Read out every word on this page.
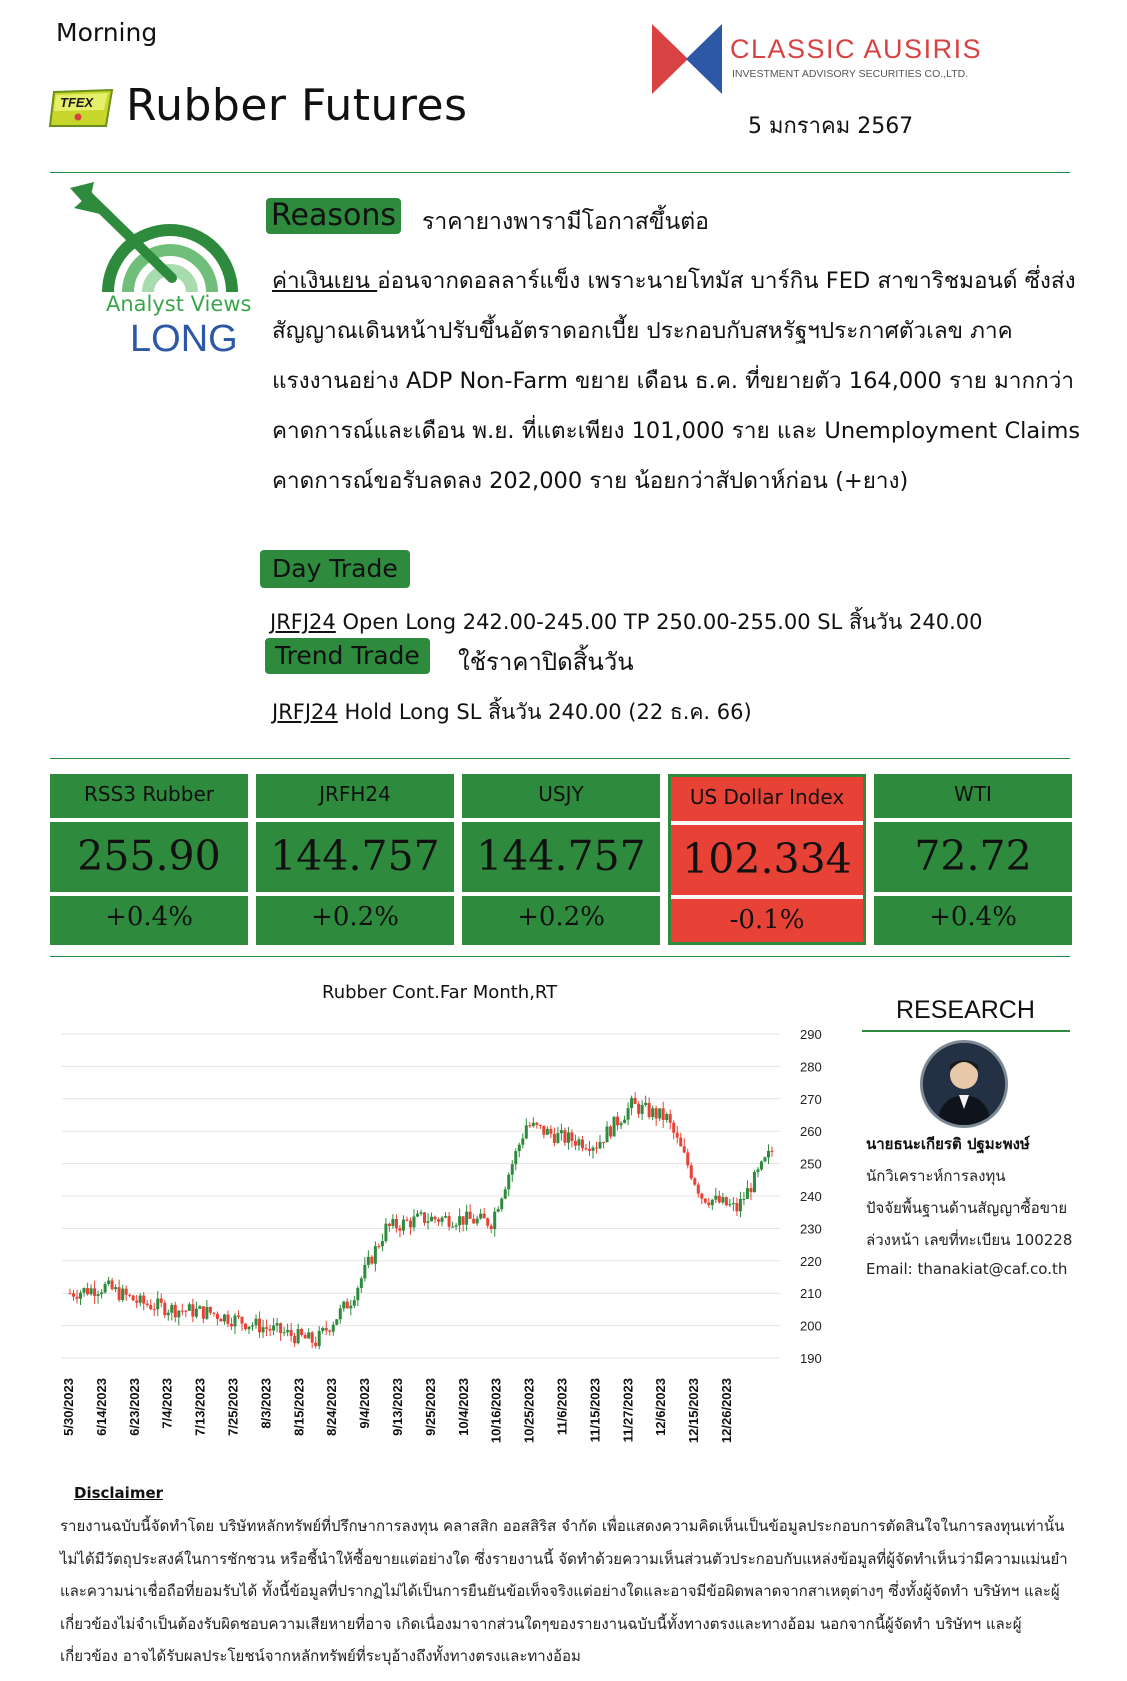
Morning
TFEX Rubber Futures
CLASSIC AUSIRIS
INVESTMENT ADVISORY SECURITIES CO.,LTD.
5 มกราคม 2567
Analyst Views
LONG
Reasons ราคายางพารามีโอกาสขึ้นต่อ
ค่าเงินเยน อ่อนจากดอลลาร์แข็ง เพราะนายโทมัส บาร์กิน FED สาขาริชมอนด์ ซึ่งส่งสัญญาณเดินหน้าปรับขึ้นอัตราดอกเบี้ย ประกอบกับสหรัฐฯประกาศตัวเลข ภาคแรงงานอย่าง ADP Non-Farm ขยาย เดือน ธ.ค. ที่ขยายตัว 164,000 ราย มากกว่าคาดการณ์และเดือน พ.ย. ที่แตะเพียง 101,000 ราย และ Unemployment Claims คาดการณ์ขอรับลดลง 202,000 ราย น้อยกว่าสัปดาห์ก่อน (+ยาง)
Day Trade
JRFJ24 Open Long 242.00-245.00 TP 250.00-255.00 SL สิ้นวัน 240.00
Trend Trade	ใช้ราคาปิดสิ้นวัน
JRFJ24 Hold Long SL สิ้นวัน 240.00 (22 ธ.ค. 66)
RSS3 Rubber
255.90
+0.4%
JRFH24
144.757
+0.2%
USJY
144.757
+0.2%
US Dollar Index
102.334
-0.1%
WTI
72.72
+0.4%
Rubber Cont.Far Month,RT
290
280
270
260
250
240
230
220
210
200
190
5/30/2023 6/14/2023 6/23/2023 7/4/2023 7/13/2023 7/25/2023 8/3/2023 8/15/2023 8/24/2023 9/4/2023 9/13/2023 9/25/2023 10/4/2023 10/16/2023 10/25/2023 11/6/2023 11/15/2023 11/27/2023 12/6/2023 12/15/2023 12/26/2023
RESEARCH
นายธนะเกียรติ ปฐมะพงษ์
นักวิเคราะห์การลงทุน
ปัจจัยพื้นฐานด้านสัญญาซื้อขาย
ล่วงหน้า เลขที่ทะเบียน 100228
Email: thanakiat@caf.co.th
Disclaimer
รายงานฉบับนี้จัดทำโดย บริษัทหลักทรัพย์ที่ปรึกษาการลงทุน คลาสสิก ออสสิริส จำกัด เพื่อแสดงความคิดเห็นเป็นข้อมูลประกอบการตัดสินใจในการลงทุนเท่านั้น ไม่ได้มีวัตถุประสงค์ในการชักชวน หรือชี้นำให้ซื้อขายแต่อย่างใด ซึ่งรายงานนี้ จัดทำด้วยความเห็นส่วนตัวประกอบกับแหล่งข้อมูลที่ผู้จัดทำเห็นว่ามีความแม่นยำและความน่าเชื่อถือที่ยอมรับได้ ทั้งนี้ข้อมูลที่ปรากฏไม่ได้เป็นการยืนยันข้อเท็จจริงแต่อย่างใดและอาจมีข้อผิดพลาดจากสาเหตุต่างๆ ซึ่งทั้งผู้จัดทำ บริษัทฯ และผู้เกี่ยวข้องไม่จำเป็นต้องรับผิดชอบความเสียหายที่อาจ เกิดเนื่องมาจากส่วนใดๆของรายงานฉบับนี้ทั้งทางตรงและทางอ้อม นอกจากนี้ผู้จัดทำ บริษัทฯ และผู้เกี่ยวข้อง อาจได้รับผลประโยชน์จากหลักทรัพย์ที่ระบุอ้างถึงทั้งทางตรงและทางอ้อม
